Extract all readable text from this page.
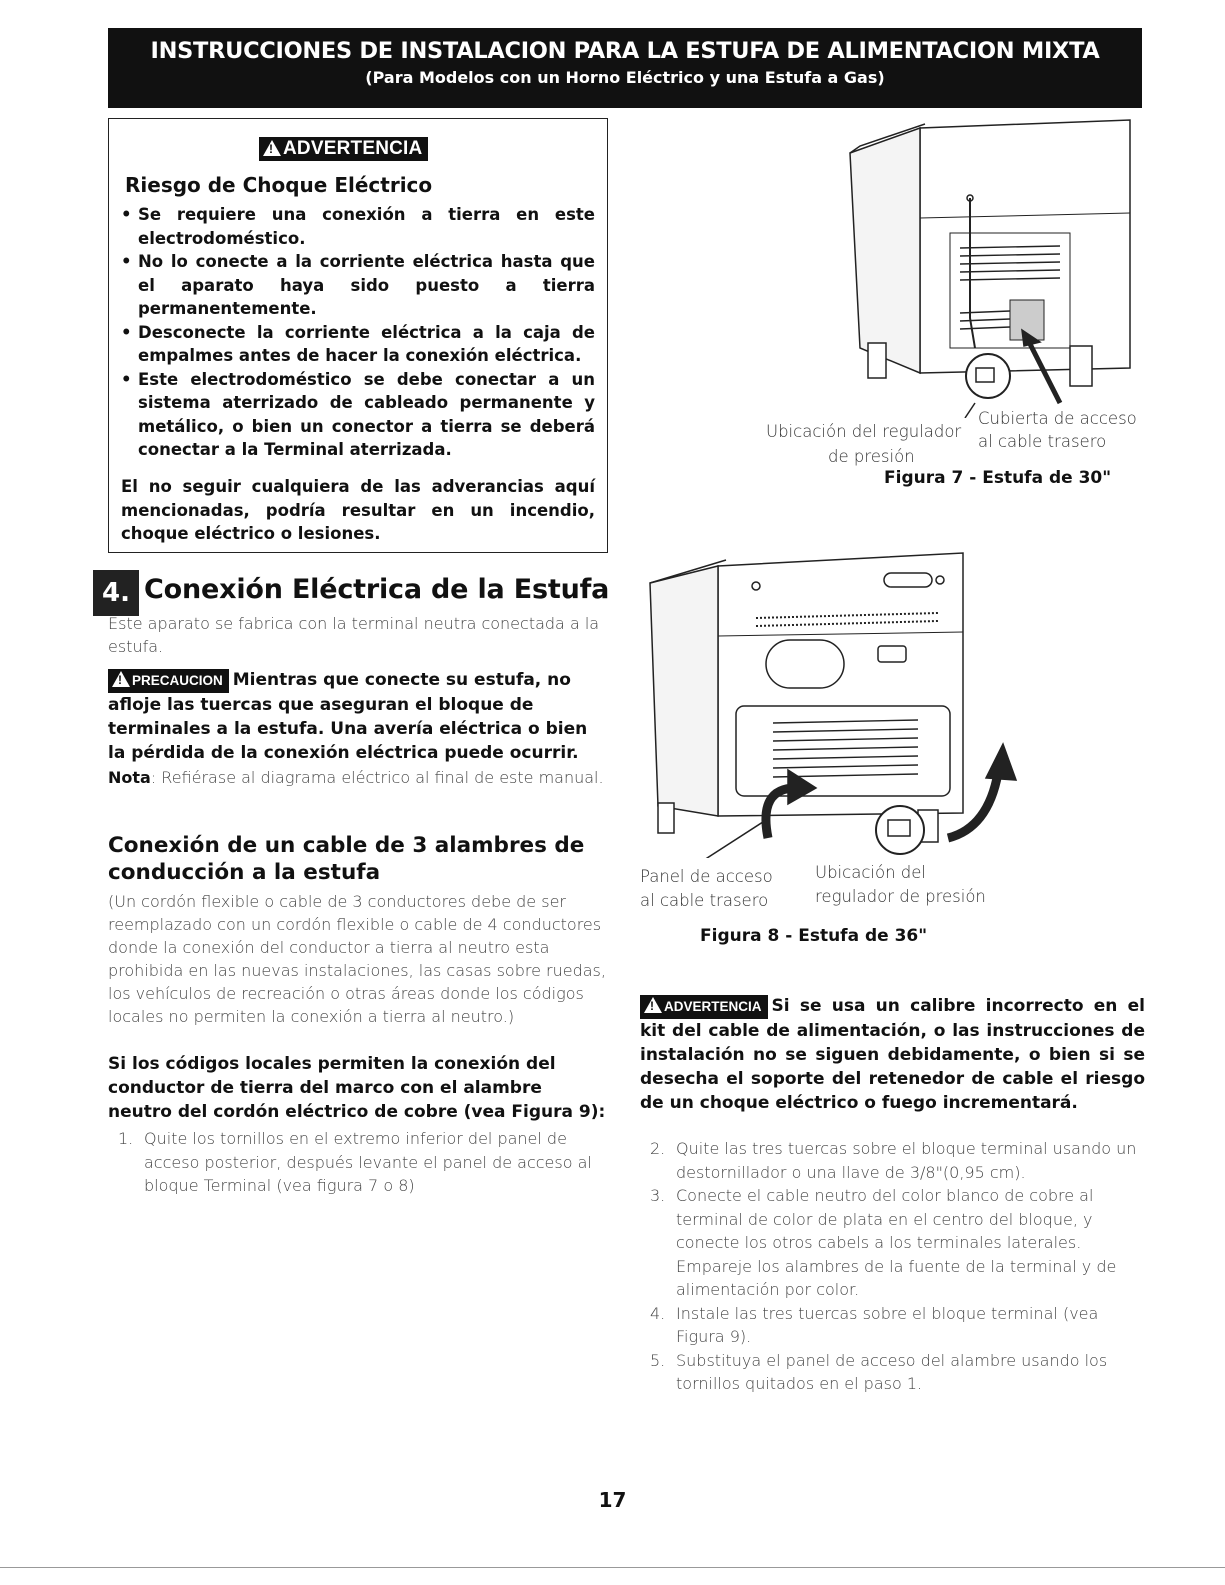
INSTRUCCIONES DE INSTALACION PARA LA ESTUFA DE ALIMENTACION MIXTA
(Para Modelos con un Horno Eléctrico y una Estufa a Gas)
! ADVERTENCIA
Riesgo de Choque Eléctrico
• Se requiere una conexión a tierra en este electrodoméstico.
• No lo conecte a la corriente eléctrica hasta que el aparato haya sido puesto a tierra permanentemente.
• Desconecte la corriente eléctrica a la caja de empalmes antes de hacer la conexión eléctrica.
• Este electrodoméstico se debe conectar a un sistema aterrizado de cableado permanente y metálico, o bien un conector a tierra se deberá conectar a la Terminal aterrizada.
El no seguir cualquiera de las adverancias aquí mencionadas, podría resultar en un incendio, choque eléctrico o lesiones.
Ubicación del regulador
de presión
Cubierta de acceso
al cable trasero
Figura 7 - Estufa de 30"
Panel de acceso
al cable trasero
Ubicación del
regulador de presión
Figura 8 - Estufa de 36"
4. Conexión Eléctrica de la Estufa
Este aparato se fabrica con la terminal neutra conectada a la estufa.
! PRECAUCION Mientras que conecte su estufa, no afloje las tuercas que aseguran el bloque de terminales a la estufa. Una avería eléctrica o bien la pérdida de la conexión eléctrica puede ocurrir.
Nota: Refiérase al diagrama eléctrico al final de este manual.
Conexión de un cable de 3 alambres de conducción a la estufa
(Un cordón flexible o cable de 3 conductores debe de ser reemplazado con un cordón flexible o cable de 4 conductores donde la conexión del conductor a tierra al neutro esta prohibida en las nuevas instalaciones, las casas sobre ruedas, los vehículos de recreación o otras áreas donde los códigos locales no permiten la conexión a tierra al neutro.)
Si los códigos locales permiten la conexión del conductor de tierra del marco con el alambre neutro del cordón eléctrico de cobre (vea Figura 9):
1. Quite los tornillos en el extremo inferior del panel de acceso posterior, después levante el panel de acceso al bloque Terminal (vea figura 7 o 8)
! ADVERTENCIA Si se usa un calibre incorrecto en el kit del cable de alimentación, o las instrucciones de instalación no se siguen debidamente, o bien si se desecha el soporte del retenedor de cable el riesgo de un choque eléctrico o fuego incrementará.
2. Quite las tres tuercas sobre el bloque terminal usando un destornillador o una llave de 3/8"(0,95 cm).
3. Conecte el cable neutro del color blanco de cobre al terminal de color de plata en el centro del bloque, y conecte los otros cabels a los terminales laterales. Empareje los alambres de la fuente de la terminal y de alimentación por color.
4. Instale las tres tuercas sobre el bloque terminal (vea Figura 9).
5. Substituya el panel de acceso del alambre usando los tornillos quitados en el paso 1.
17
